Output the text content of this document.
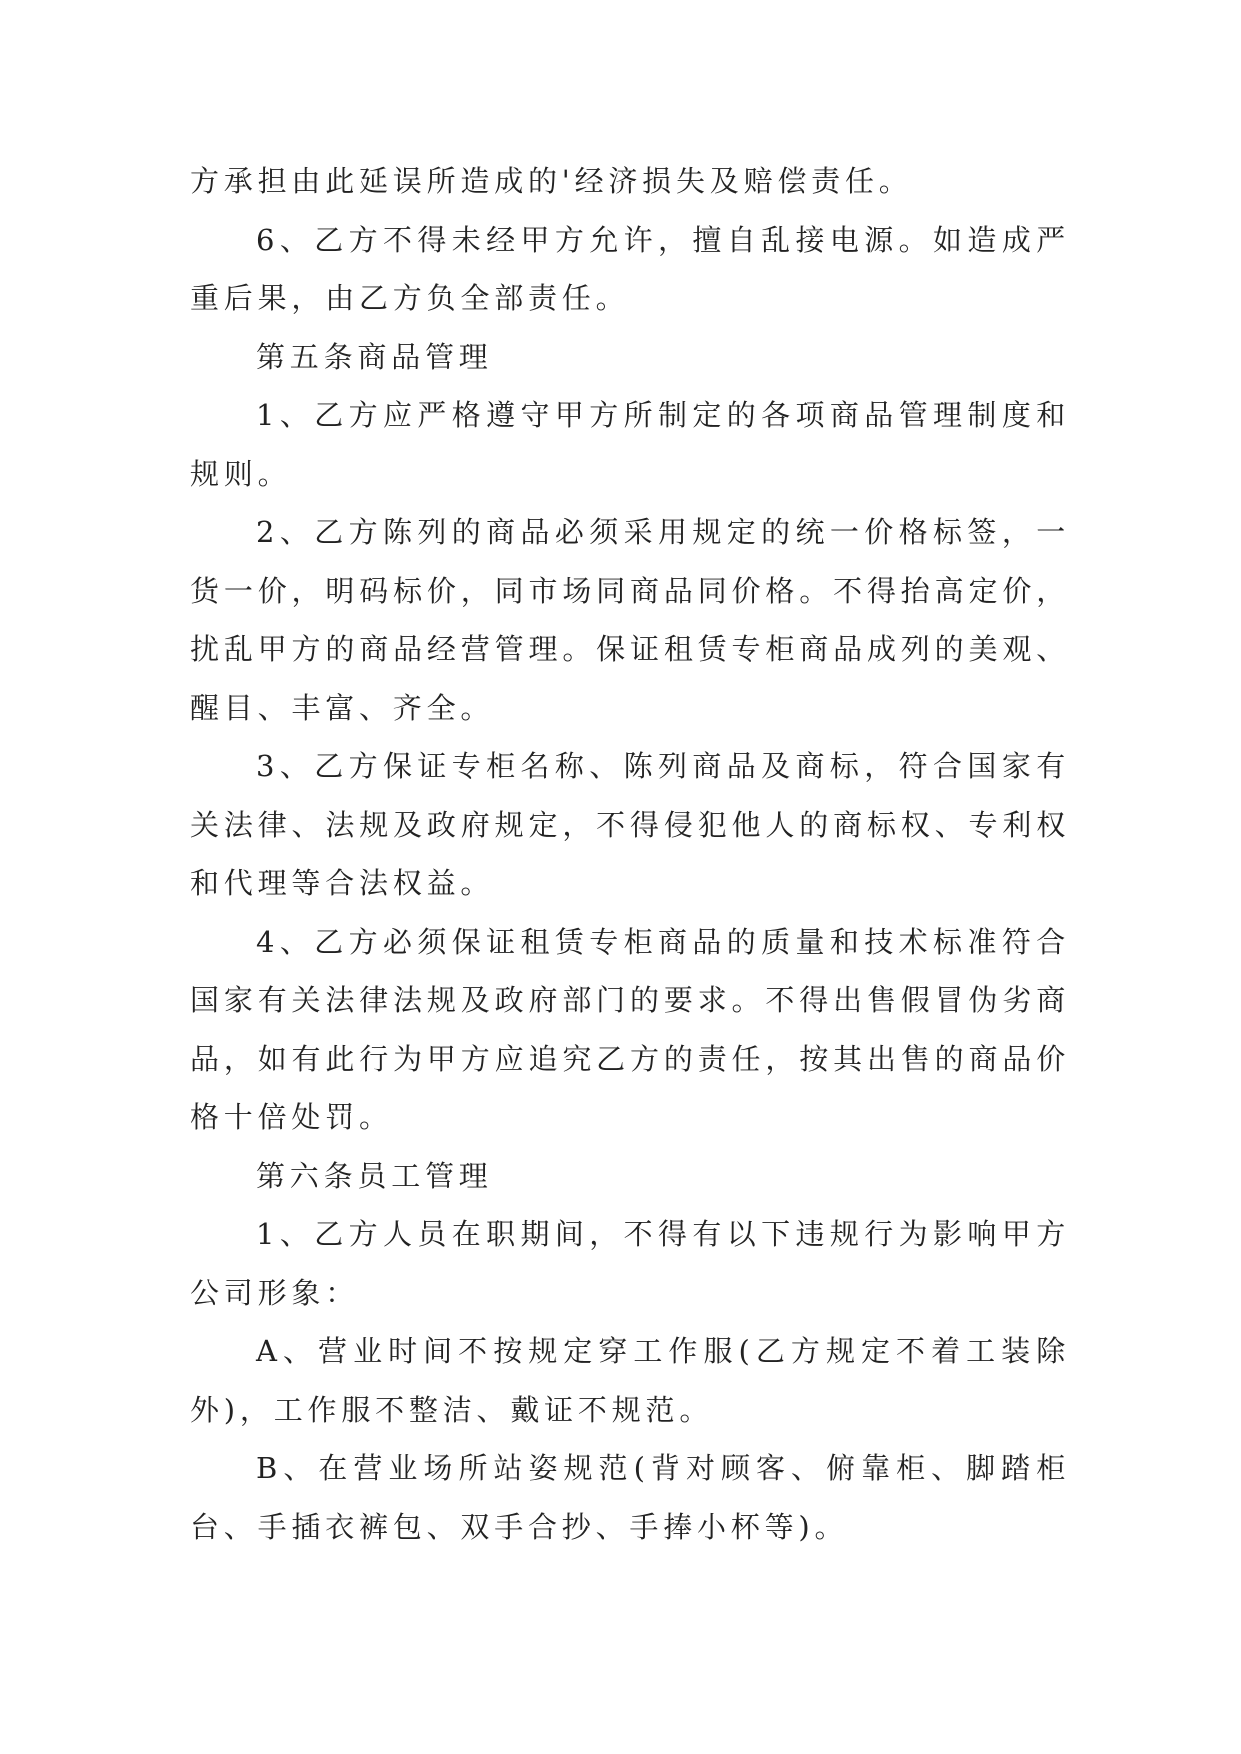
方承担由此延误所造成的'经济损失及赔偿责任。

6、乙方不得未经甲方允许，擅自乱接电源。如造成严重后果，由乙方负全部责任。

第五条商品管理

1、乙方应严格遵守甲方所制定的各项商品管理制度和规则。

2、乙方陈列的商品必须采用规定的统一价格标签，一货一价，明码标价，同市场同商品同价格。不得抬高定价，扰乱甲方的商品经营管理。保证租赁专柜商品成列的美观、醒目、丰富、齐全。

3、乙方保证专柜名称、陈列商品及商标，符合国家有关法律、法规及政府规定，不得侵犯他人的商标权、专利权和代理等合法权益。

4、乙方必须保证租赁专柜商品的质量和技术标准符合国家有关法律法规及政府部门的要求。不得出售假冒伪劣商品，如有此行为甲方应追究乙方的责任，按其出售的商品价格十倍处罚。

第六条员工管理

1、乙方人员在职期间，不得有以下违规行为影响甲方公司形象：

A、营业时间不按规定穿工作服(乙方规定不着工装除外)，工作服不整洁、戴证不规范。

B、在营业场所站姿规范(背对顾客、俯靠柜、脚踏柜台、手插衣裤包、双手合抄、手捧小杯等)。
